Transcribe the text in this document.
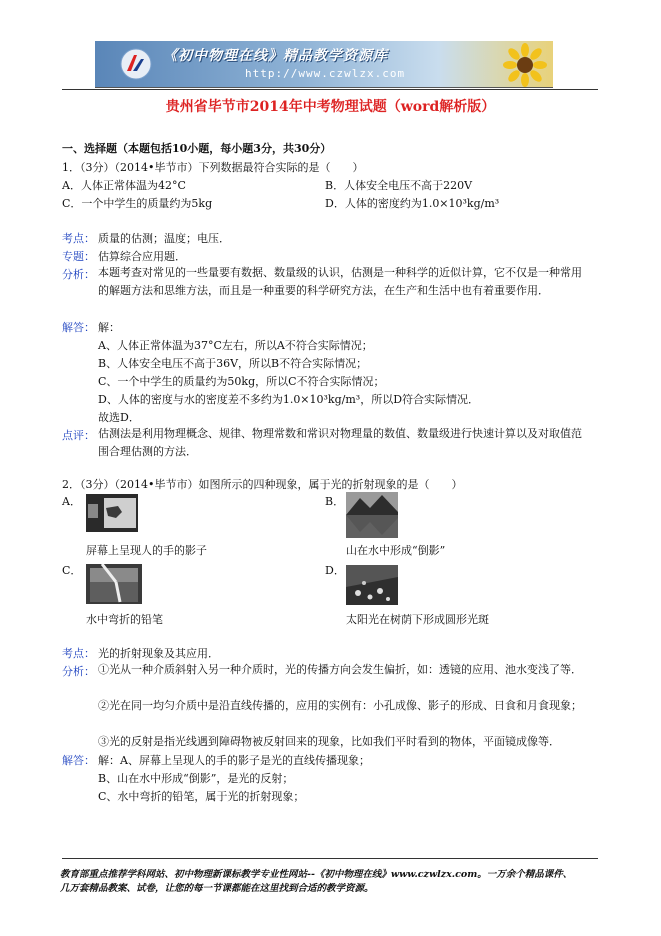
《初中物理在线》精品教学资源库
http://www.czwlzx.com
贵州省毕节市2014年中考物理试题（word解析版）
一、选择题（本题包括10小题，每小题3分，共30分）
1．（3分）（2014•毕节市）下列数据最符合实际的是（　　）
A．人体正常体温为42°C	B．人体安全电压不高于220V
C．一个中学生的质量约为5kg	D．人体的密度约为1.0×10³kg/m³
考点： 质量的估测；温度；电压．
专题： 估算综合应用题．
分析： 本题考查对常见的一些量要有数据、数量级的认识，估测是一种科学的近似计算，它不仅是一种常用的解题方法和思维方法，而且是一种重要的科学研究方法，在生产和生活中也有着重要作用．
解答： 解：
A、人体正常体温为37°C左右，所以A不符合实际情况；
B、人体安全电压不高于36V，所以B不符合实际情况；
C、一个中学生的质量约为50kg，所以C不符合实际情况；
D、人体的密度与水的密度差不多约为1.0×10³kg/m³，所以D符合实际情况．
故选D．
点评： 估测法是利用物理概念、规律、物理常数和常识对物理量的数值、数量级进行快速计算以及对取值范围合理估测的方法．
2．（3分）（2014•毕节市）如图所示的四种现象，属于光的折射现象的是（　　）
A．
屏幕上呈现人的手的影子
B．
山在水中形成“倒影”
C．
水中弯折的铅笔
D．
太阳光在树荫下形成圆形光斑
考点： 光的折射现象及其应用．
分析： ①光从一种介质斜射入另一种介质时，光的传播方向会发生偏折，如：透镜的应用、池水变浅了等．
②光在同一均匀介质中是沿直线传播的，应用的实例有：小孔成像、影子的形成、日食和月食现象；
③光的反射是指光线遇到障碍物被反射回来的现象，比如我们平时看到的物体，平面镜成像等．
解答： 解：A、屏幕上呈现人的手的影子是光的直线传播现象；
B、山在水中形成“倒影”，是光的反射；
C、水中弯折的铅笔，属于光的折射现象；
教育部重点推荐学科网站、初中物理新课标教学专业性网站--《初中物理在线》www.czwlzx.com。一万余个精品课件、
几万套精品教案、试卷，让您的每一节课都能在这里找到合适的教学资源。
